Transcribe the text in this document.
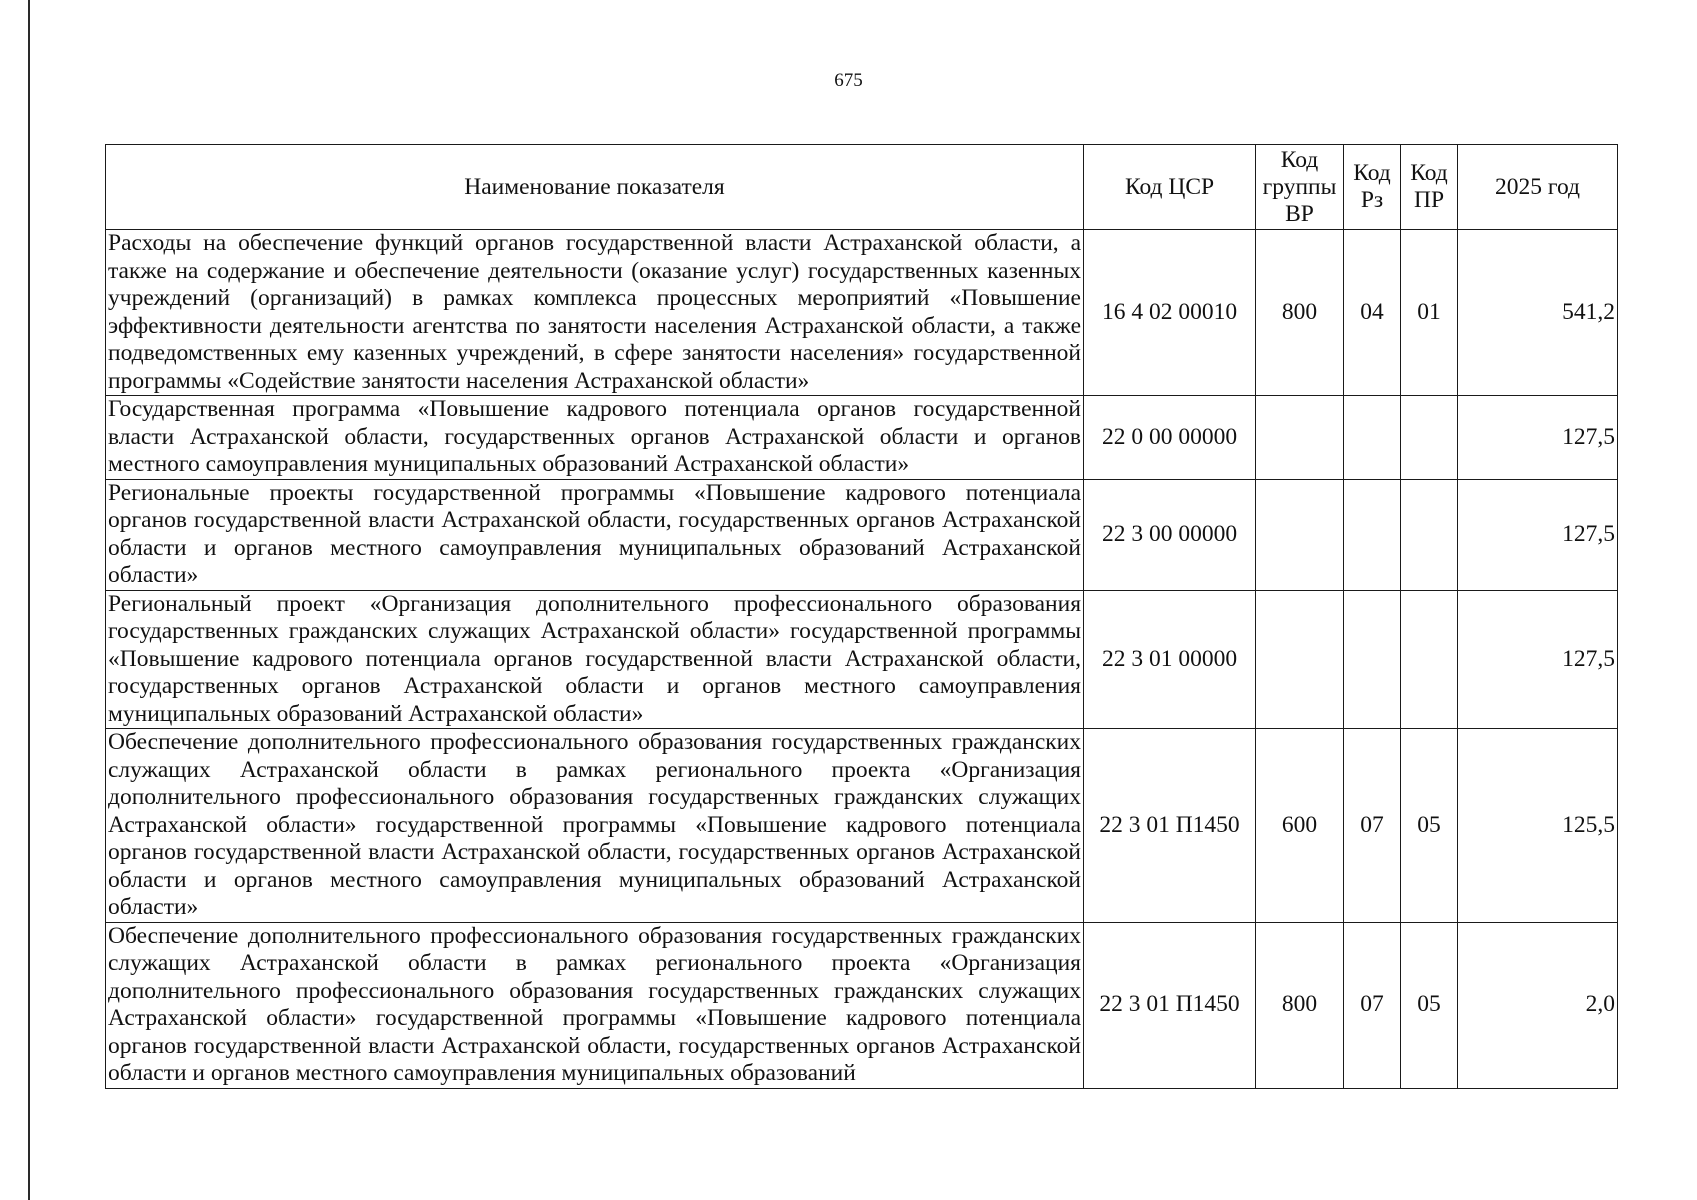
675
Наименование показателя	Код ЦСР	Код группы ВР	Код Рз	Код ПР	2025 год
Расходы на обеспечение функций органов государственной власти Астраханской области, а также на содержание и обеспечение деятельности (оказание услуг) государственных казенных учреждений (организаций) в рамках комплекса процессных мероприятий «Повышение эффективности деятельности агентства по занятости населения Астраханской области, а также подведомственных ему казенных учреждений, в сфере занятости населения» государственной программы «Содействие занятости населения Астраханской области»	16 4 02 00010	800	04	01	541,2
Государственная программа «Повышение кадрового потенциала органов государственной власти Астраханской области, государственных органов Астраханской области и органов местного самоуправления муниципальных образований Астраханской области»	22 0 00 00000				127,5
Региональные проекты государственной программы «Повышение кадрового потенциала органов государственной власти Астраханской области, государственных органов Астраханской области и органов местного самоуправления муниципальных образований Астраханской области»	22 3 00 00000				127,5
Региональный проект «Организация дополнительного профессионального образования государственных гражданских служащих Астраханской области» государственной программы «Повышение кадрового потенциала органов государственной власти Астраханской области, государственных органов Астраханской области и органов местного самоуправления муниципальных образований Астраханской области»	22 3 01 00000				127,5
Обеспечение дополнительного профессионального образования государственных гражданских служащих Астраханской области в рамках регионального проекта «Организация дополнительного профессионального образования государственных гражданских служащих Астраханской области» государственной программы «Повышение кадрового потенциала органов государственной власти Астраханской области, государственных органов Астраханской области и органов местного самоуправления муниципальных образований Астраханской области»	22 3 01 П1450	600	07	05	125,5
Обеспечение дополнительного профессионального образования государственных гражданских служащих Астраханской области в рамках регионального проекта «Организация дополнительного профессионального образования государственных гражданских служащих Астраханской области» государственной программы «Повышение кадрового потенциала органов государственной власти Астраханской области, государственных органов Астраханской области и органов местного самоуправления муниципальных образований	22 3 01 П1450	800	07	05	2,0
